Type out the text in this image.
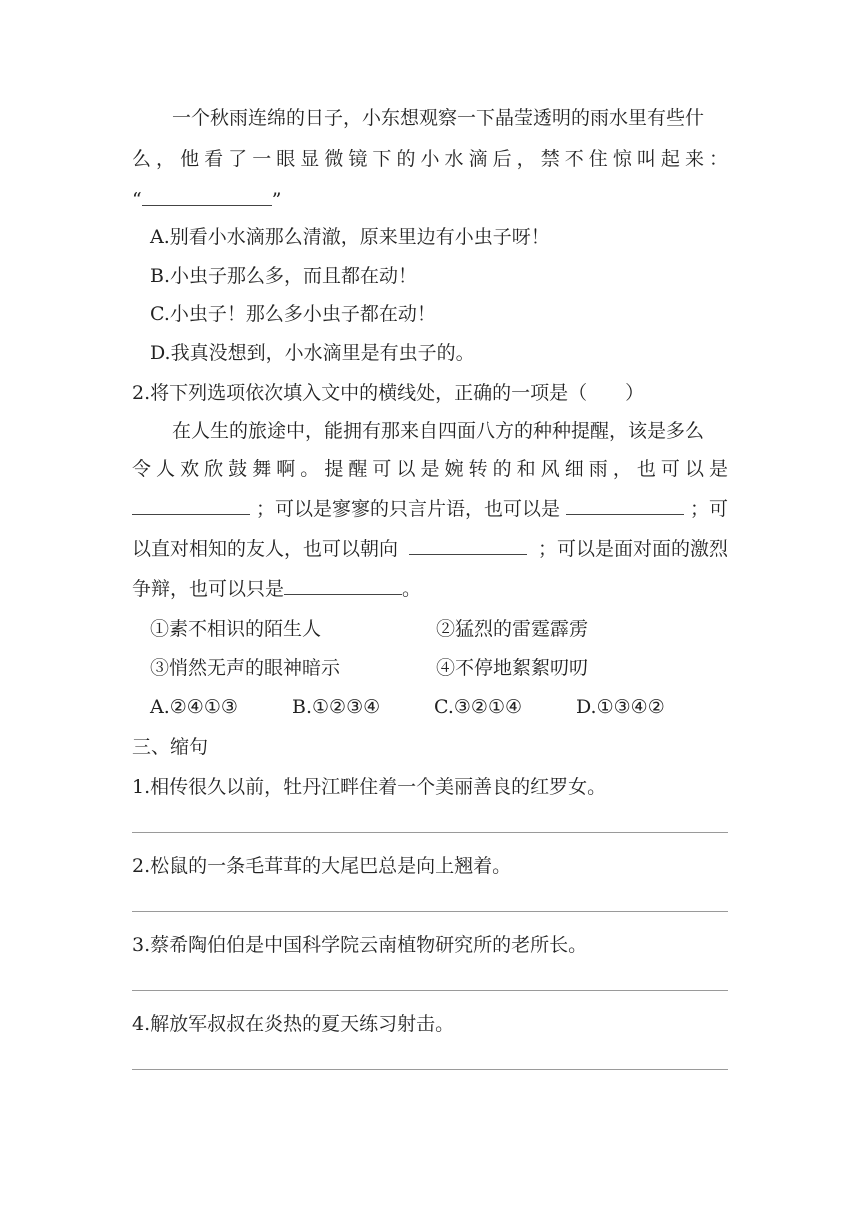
一个秋雨连绵的日子，小东想观察一下晶莹透明的雨水里有些什
么，他看了一眼显微镜下的小水滴后，禁不住惊叫起来：
“	”
A.别看小水滴那么清澈，原来里边有小虫子呀！
B.小虫子那么多，而且都在动！
C.小虫子！那么多小虫子都在动！
D.我真没想到，小水滴里是有虫子的。
2.将下列选项依次填入文中的横线处，正确的一项是（　　）
在人生的旅途中，能拥有那来自四面八方的种种提醒，该是多么
令人欢欣鼓舞啊。提醒可以是婉转的和风细雨，也可以是
；可以是寥寥的只言片语，也可以是	；可
以直对相知的友人，也可以朝向	；可以是面对面的激烈
争辩，也可以只是	。
①素不相识的陌生人	②猛烈的雷霆霹雳
③悄然无声的眼神暗示	④不停地絮絮叨叨
A.②④①③	B.①②③④	C.③②①④	D.①③④②
三、缩句
1.相传很久以前，牡丹江畔住着一个美丽善良的红罗女。
2.松鼠的一条毛茸茸的大尾巴总是向上翘着。
3.蔡希陶伯伯是中国科学院云南植物研究所的老所长。
4.解放军叔叔在炎热的夏天练习射击。
